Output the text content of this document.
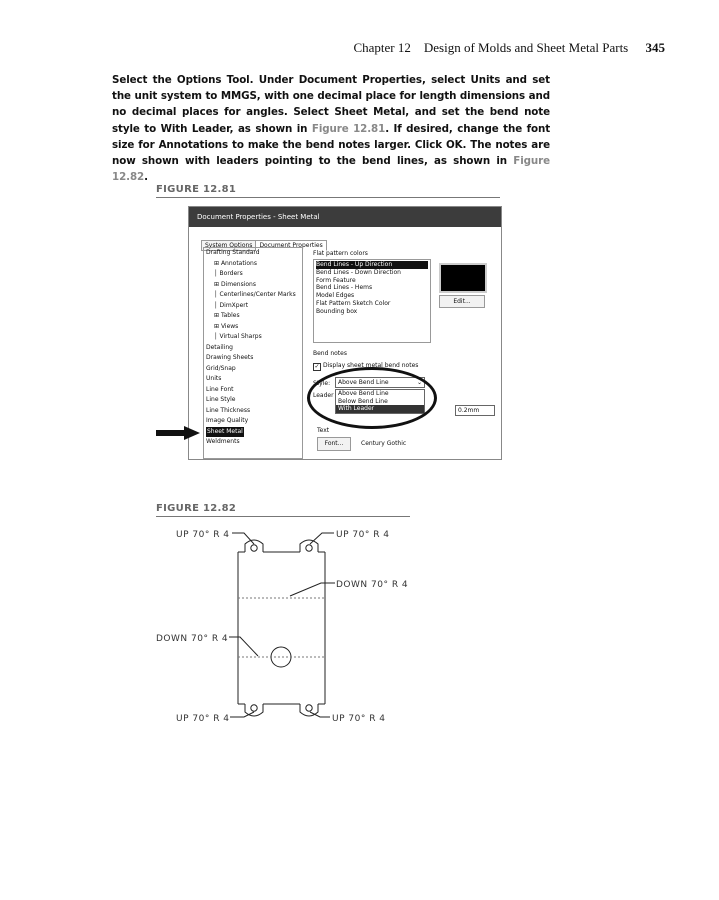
Chapter 12 Design of Molds and Sheet Metal Parts 345
Select the Options Tool. Under Document Properties, select Units and set the unit system to MMGS, with one decimal place for length dimensions and no decimal places for angles. Select Sheet Metal, and set the bend note style to With Leader, as shown in Figure 12.81. If desired, change the font size for Annotations to make the bend notes larger. Click OK. The notes are now shown with leaders pointing to the bend lines, as shown in Figure 12.82.
FIGURE 12.81
Document Properties - Sheet Metal
System Options Document Properties
Drafting Standard
⊞ Annotations
│ Borders
⊞ Dimensions
│ Centerlines/Center Marks
│ DimXpert
⊞ Tables
⊞ Views
│ Virtual Sharps
Detailing
Drawing Sheets
Grid/Snap
Units
Line Font
Line Style
Line Thickness
Image Quality
Sheet Metal
Weldments
Flat pattern colors
Bend Lines - Up Direction
Bend Lines - Down Direction
Form Feature
Bend Lines - Hems
Model Edges
Flat Pattern Sketch Color
Bounding box
Edit...
Bend notes
✓ Display sheet metal bend notes
Style:	Above Bend Line	⌄
Leader Above Bend Line
Below Bend Line
With Leader	0.2mm
Text
Font...	Century Gothic
FIGURE 12.82
UP 70° R 4	UP 70° R 4
DOWN 70° R 4
DOWN 70° R 4
UP 70° R 4	UP 70° R 4
